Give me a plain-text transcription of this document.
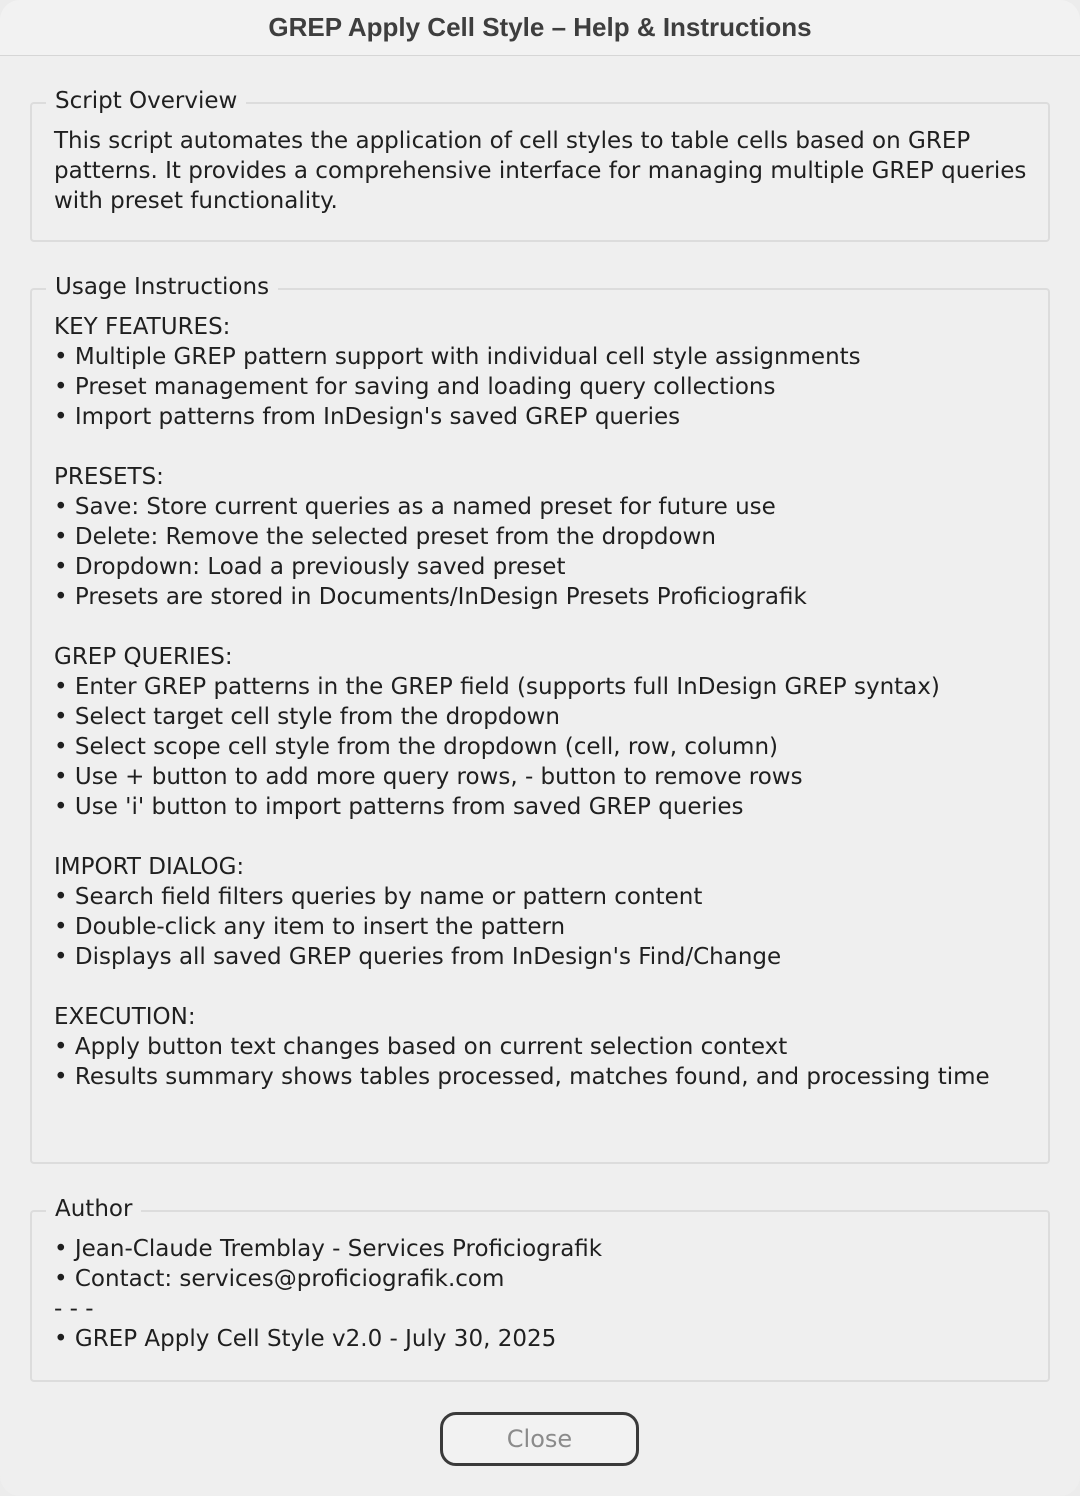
GREP Apply Cell Style – Help & Instructions
Script Overview
This script automates the application of cell styles to table cells based on GREP patterns. It provides a comprehensive interface for managing multiple GREP queries with preset functionality.
Usage Instructions
KEY FEATURES:
• Multiple GREP pattern support with individual cell style assignments
• Preset management for saving and loading query collections
• Import patterns from InDesign's saved GREP queries
PRESETS:
• Save: Store current queries as a named preset for future use
• Delete: Remove the selected preset from the dropdown
• Dropdown: Load a previously saved preset
• Presets are stored in Documents/InDesign Presets Proficiografik
GREP QUERIES:
• Enter GREP patterns in the GREP field (supports full InDesign GREP syntax)
• Select target cell style from the dropdown
• Select scope cell style from the dropdown (cell, row, column)
• Use + button to add more query rows, - button to remove rows
• Use 'i' button to import patterns from saved GREP queries
IMPORT DIALOG:
• Search field filters queries by name or pattern content
• Double-click any item to insert the pattern
• Displays all saved GREP queries from InDesign's Find/Change
EXECUTION:
• Apply button text changes based on current selection context
• Results summary shows tables processed, matches found, and processing time
Author
• Jean-Claude Tremblay - Services Proficiografik
• Contact: services@proficiografik.com
- - -
• GREP Apply Cell Style v2.0 - July 30, 2025
Close
